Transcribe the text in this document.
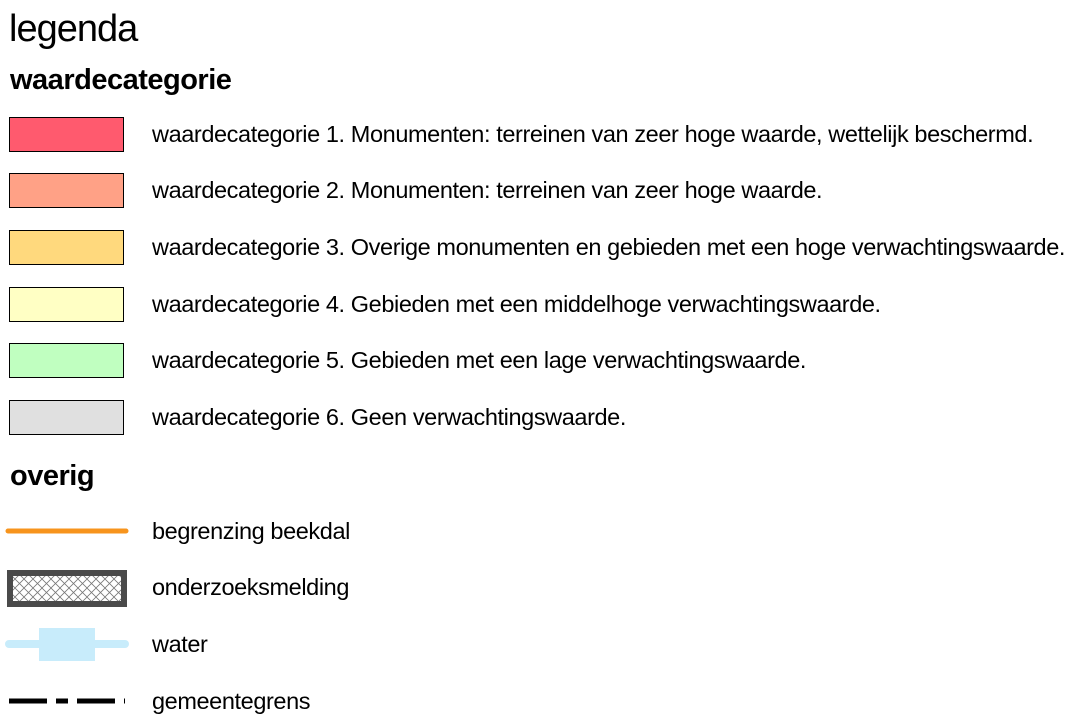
legenda
waardecategorie
waardecategorie 1. Monumenten: terreinen van zeer hoge waarde, wettelijk beschermd.
waardecategorie 2. Monumenten: terreinen van zeer hoge waarde.
waardecategorie 3. Overige monumenten en gebieden met een hoge verwachtingswaarde.
waardecategorie 4. Gebieden met een middelhoge verwachtingswaarde.
waardecategorie 5. Gebieden met een lage verwachtingswaarde.
waardecategorie 6. Geen verwachtingswaarde.
overig
begrenzing beekdal
onderzoeksmelding
water
gemeentegrens
